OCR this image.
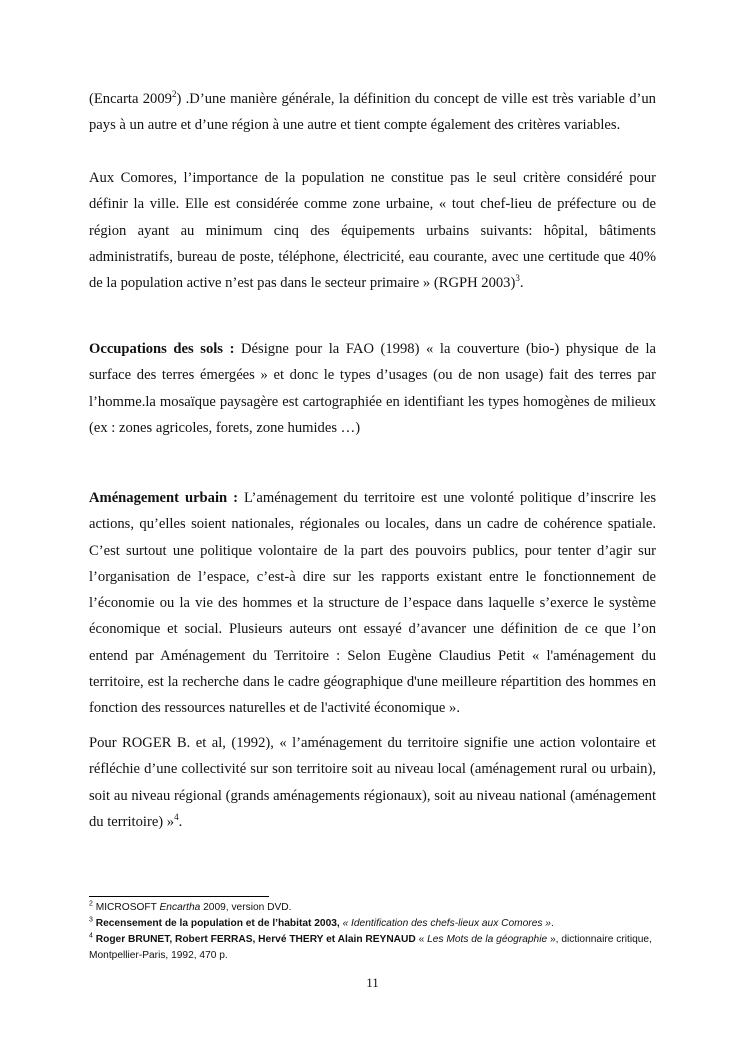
(Encarta 2009$^2$) .D’une manière générale, la définition du concept de ville est très variable d’un pays à un autre et d’une région à une autre et tient compte également des critères variables.

Aux Comores, l’importance de la population ne constitue pas le seul critère considéré pour définir la ville. Elle est considérée comme zone urbaine, « tout chef-lieu de préfecture ou de région ayant au minimum cinq des équipements urbains suivants: hôpital, bâtiments administratifs, bureau de poste, téléphone, électricité, eau courante, avec une certitude que 40% de la population active n’est pas dans le secteur primaire » (RGPH 2003)$^3$.

Occupations des sols : Désigne pour la FAO (1998) « la couverture (bio-) physique de la surface des terres émergées » et donc le types d’usages (ou de non usage) fait des terres par l’homme.la mosaïque paysagère est cartographiée en identifiant les types homogènes de milieux (ex : zones agricoles, forets, zone humides …)

Aménagement urbain : L’aménagement du territoire est une volonté politique d’inscrire les actions, qu’elles soient nationales, régionales ou locales, dans un cadre de cohérence spatiale. C’est surtout une politique volontaire de la part des pouvoirs publics, pour tenter d’agir sur l’organisation de l’espace, c’est-à dire sur les rapports existant entre le fonctionnement de l’économie ou la vie des hommes et la structure de l’espace dans laquelle s’exerce le système économique et social. Plusieurs auteurs ont essayé d’avancer une définition de ce que l’on entend par Aménagement du Territoire : Selon Eugène Claudius Petit « l'aménagement du territoire, est la recherche dans le cadre géographique d'une meilleure répartition des hommes en fonction des ressources naturelles et de l'activité économique ».

Pour ROGER B. et al, (1992), « l’aménagement du territoire signifie une action volontaire et réfléchie d’une collectivité sur son territoire soit au niveau local (aménagement rural ou urbain), soit au niveau régional (grands aménagements régionaux), soit au niveau national (aménagement du territoire) »$^4$.

$^2$ MICROSOFT Encartha 2009, version DVD.

$^3$ Recensement de la population et de l’habitat 2003, « Identification des chefs-lieux aux Comores ».

$^4$ Roger BRUNET, Robert FERRAS, Hervé THERY et Alain REYNAUD « Les Mots de la géographie », dictionnaire critique, Montpellier-Paris, 1992, 470 p.

11
